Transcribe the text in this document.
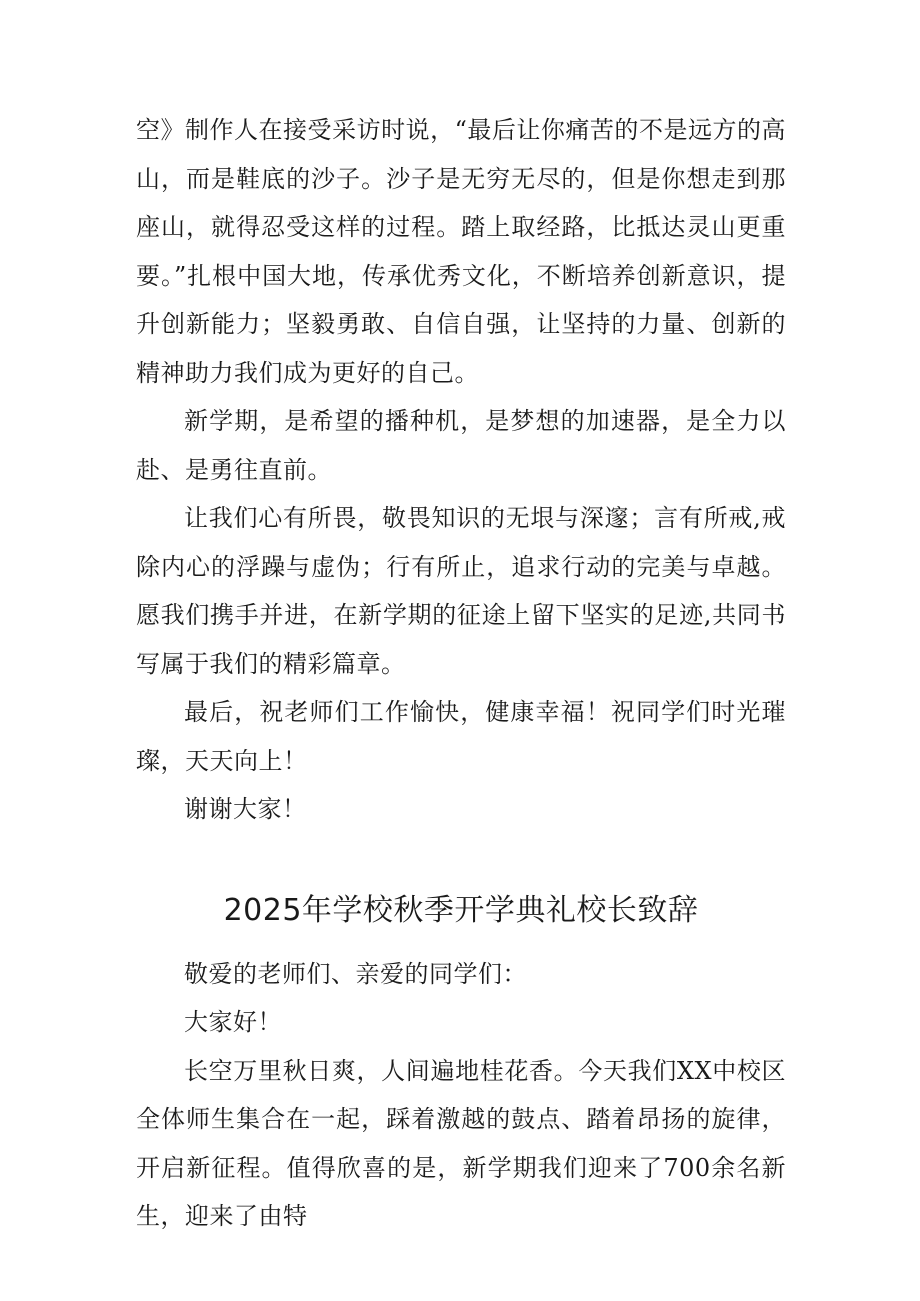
空》制作人在接受采访时说，“最后让你痛苦的不是远方的高山，而是鞋底的沙子。沙子是无穷无尽的，但是你想走到那座山，就得忍受这样的过程。踏上取经路，比抵达灵山更重要。”扎根中国大地，传承优秀文化，不断培养创新意识，提升创新能力；坚毅勇敢、自信自强，让坚持的力量、创新的精神助力我们成为更好的自己。

新学期，是希望的播种机，是梦想的加速器，是全力以赴、是勇往直前。

让我们心有所畏，敬畏知识的无垠与深邃；言有所戒,戒除内心的浮躁与虚伪；行有所止，追求行动的完美与卓越。愿我们携手并进，在新学期的征途上留下坚实的足迹,共同书写属于我们的精彩篇章。

最后，祝老师们工作愉快，健康幸福！祝同学们时光璀璨，天天向上！

谢谢大家！

2025年学校秋季开学典礼校长致辞

敬爱的老师们、亲爱的同学们：

大家好！

长空万里秋日爽，人间遍地桂花香。今天我们XX中校区全体师生集合在一起，踩着激越的鼓点、踏着昂扬的旋律，开启新征程。值得欣喜的是，新学期我们迎来了700余名新生，迎来了由特
